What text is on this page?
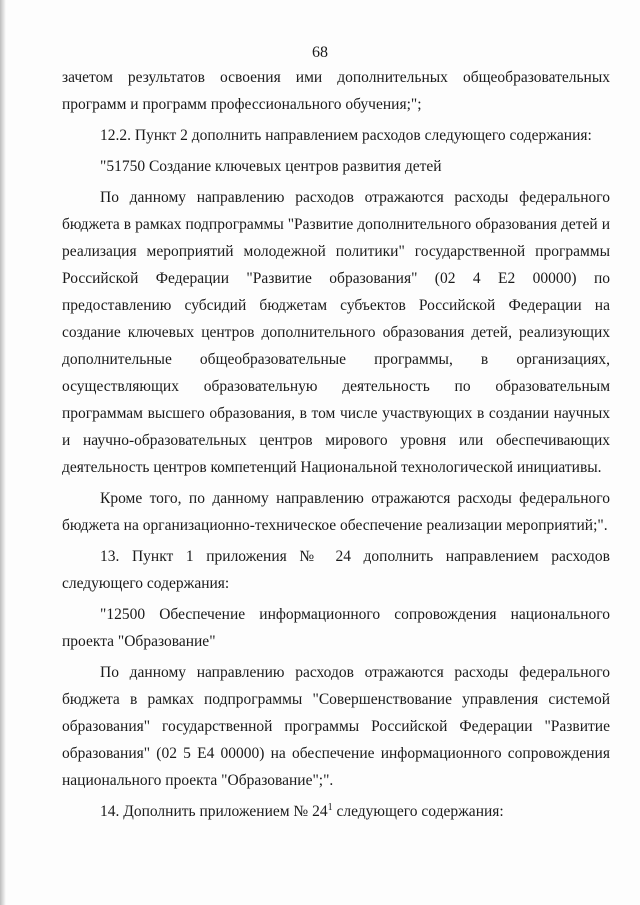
68

зачетом результатов освоения ими дополнительных общеобразовательных программ и программ профессионального обучения;";

12.2. Пункт 2 дополнить направлением расходов следующего содержания:

"51750 Создание ключевых центров развития детей

По данному направлению расходов отражаются расходы федерального бюджета в рамках подпрограммы "Развитие дополнительного образования детей и реализация мероприятий молодежной политики" государственной программы Российской Федерации "Развитие образования" (02 4 Е2 00000) по предоставлению субсидий бюджетам субъектов Российской Федерации на создание ключевых центров дополнительного образования детей, реализующих дополнительные общеобразовательные программы, в организациях, осуществляющих образовательную деятельность по образовательным программам высшего образования, в том числе участвующих в создании научных и научно-образовательных центров мирового уровня или обеспечивающих деятельность центров компетенций Национальной технологической инициативы.

Кроме того, по данному направлению отражаются расходы федерального бюджета на организационно-техническое обеспечение реализации мероприятий;".

13. Пункт 1 приложения № 24 дополнить направлением расходов следующего содержания:

"12500 Обеспечение информационного сопровождения национального проекта "Образование"

По данному направлению расходов отражаются расходы федерального бюджета в рамках подпрограммы "Совершенствование управления системой образования" государственной программы Российской Федерации "Развитие образования" (02 5 Е4 00000) на обеспечение информационного сопровождения национального проекта "Образование";".

14. Дополнить приложением № $24^1$ следующего содержания:
